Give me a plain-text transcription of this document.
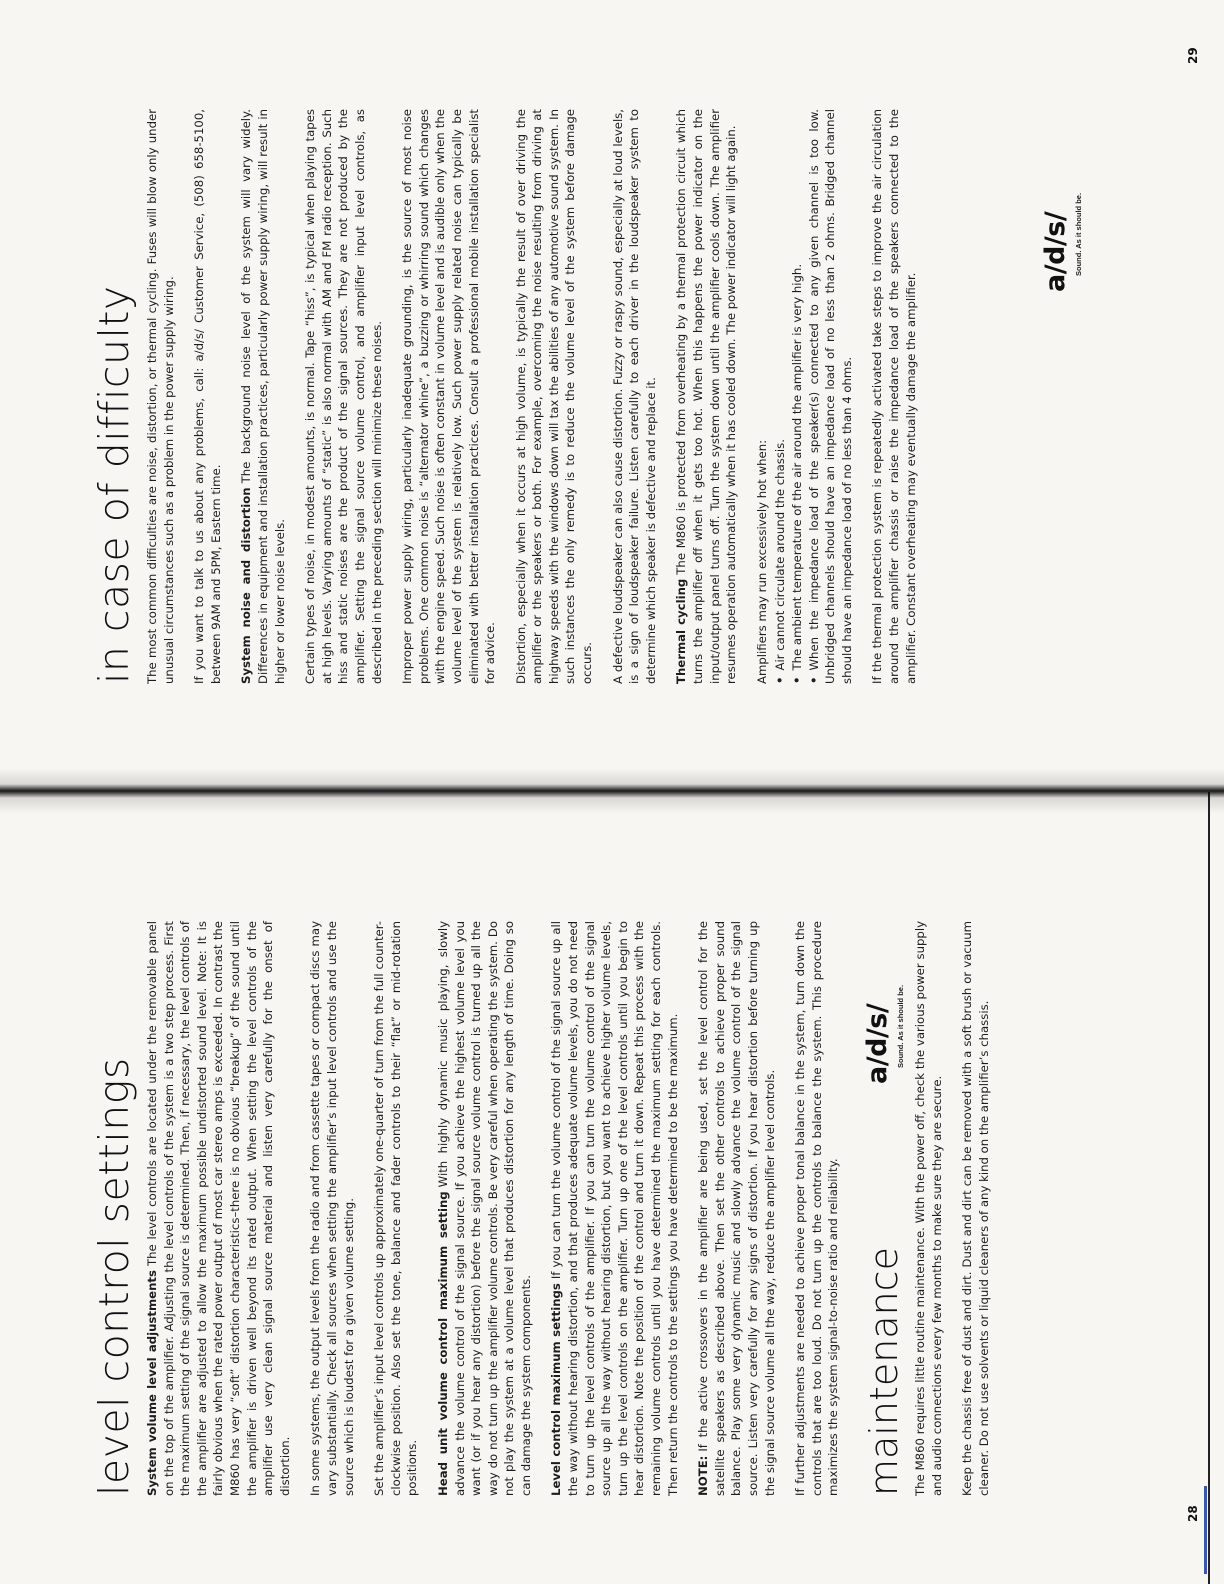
level control settings System volume level adjustmentsThe level controls are located under the removable panel on the top of the amplifier. Adjusting the level controls of the system is a two step process. First the maximum setting of the signal source is determined. Then, if necessary, the level controls of the amplifier are adjusted to allow the maximum possible undistorted sound level. Note: It is fairly obvious when the rated power output of most car stereo amps is exceeded. In contrast the M860 has very “soft” distortion characteristics–there is no obvious “breakup” of the sound until the amplifier is driven well beyond its rated output. When setting the level controls of the amplifier use very clean signal source material and listen very carefully for the onset of distortion. In some systems, the output levels from the radio and from cassette tapes or compact discs may vary substantially. Check all sources when setting the amplifier’s input level controls and use the source which is loudest for a given volume setting. Set the amplifier’s input level controls up approximately one-quarter of turn from the full counter-clockwise position. Also set the tone, balance and fader controls to their “flat” or mid-rotation positions. Head unit volume control maximum settingWith highly dynamic music playing, slowly advance the volume control of the signal source. If you achieve the highest volume level you want (or if you hear any distortion) before the signal source volume control is turned up all the way do not turn up the amplifier volume controls. Be very careful when operating the system. Do not play the system at a volume level that produces distortion for any length of time. Doing so can damage the system components. Level control maximum settingsIf you can turn the volume control of the signal source up all the way without hearing distortion, and that produces adequate volume levels, you do not need to turn up the level controls of the amplifier. If you can turn the volume control of the signal source up all the way without hearing distortion, but you want to achieve higher volume levels, turn up the level controls on the amplifier. Turn up one of the level controls until you begin to hear distortion. Note the position of the control and turn it down. Repeat this process with the remaining volume controls until you have determined the maximum setting for each controls. Then return the controls to the settings you have determined to be the maximum. NOTE:If the active crossovers in the amplifier are being used, set the level control for the satellite speakers as described above. Then set the other controls to achieve proper sound balance. Play some very dynamic music and slowly advance the volume control of the signal source. Listen very carefully for any signs of distortion. If you hear distortion before turning up the signal source volume all the way, reduce the amplifier level controls. If further adjustments are needed to achieve proper tonal balance in the system, turn down the controls that are too loud. Do not turn up the controls to balance the system. This procedure maximizes the system signal-to-noise ratio and reliability. maintenance The M860 requires little routine maintenance. With the power off, check the various power supply and audio connections every few months to make sure they are secure. Keep the chassis free of dust and dirt. Dust and dirt can be removed with a soft brush or vacuum cleaner. Do not use solvents or liquid cleaners of any kind on the amplifier’s chassis.

a/d/s/ Sound. As it should be.
28
in case of difficulty The most common difficulties are noise, distortion, or thermal cycling. Fuses will blow only under unusual circumstances such as a problem in the power supply wiring. If you want to talk to us about any problems, call: a/d/s/ Customer Service, (508) 658-5100, between 9AM and 5PM, Eastern time. System noise and distortionThe background noise level of the system will vary widely. Differences in equipment and installation practices, particularly power supply wiring, will result in higher or lower noise levels. Certain types of noise, in modest amounts, is normal. Tape “hiss”, is typical when playing tapes at high levels. Varying amounts of “static” is also normal with AM and FM radio reception. Such hiss and static noises are the product of the signal sources. They are not produced by the amplifier. Setting the signal source volume control, and amplifier input level controls, as described in the preceding section will minimize these noises. Improper power supply wiring, particularly inadequate grounding, is the source of most noise problems. One common noise is “alternator whine”, a buzzing or whirring sound which changes with the engine speed. Such noise is often constant in volume level and is audible only when the volume level of the system is relatively low. Such power supply related noise can typically be eliminated with better installation practices. Consult a professional mobile installation specialist for advice. Distortion, especially when it occurs at high volume, is typically the result of over driving the amplifier or the speakers or both. For example, overcoming the noise resulting from driving at highway speeds with the windows down will tax the abilities of any automotive sound system. In such instances the only remedy is to reduce the volume level of the system before damage occurs. A defective loudspeaker can also cause distortion. Fuzzy or raspy sound, especially at loud levels, is a sign of loudspeaker failure. Listen carefully to each driver in the loudspeaker system to determine which speaker is defective and replace it. Thermal cyclingThe M860 is protected from overheating by a thermal protection circuit which turns the amplifier off when it gets too hot. When this happens the power indicator on the input/output panel turns off. Turn the system down until the amplifier cools down. The amplifier resumes operation automatically when it has cooled down. The power indicator will light again. Amplifiers may run excessively hot when: •Air cannot circulate around the chassis.
•The ambient temperature of the air around the amplifier is very high.
•When the impedance load of the speaker(s) connected to any given channel is too low. Unbridged channels should have an impedance load of no less than 2 ohms. Bridged channel should have an impedance load of no less than 4 ohms. If the thermal protection system is repeatedly activated take steps to improve the air circulation around the amplifier chassis or raise the impedance load of the speakers connected to the amplifier. Constant overheating may eventually damage the amplifier.

a/d/s/ Sound. As it should be.
29
